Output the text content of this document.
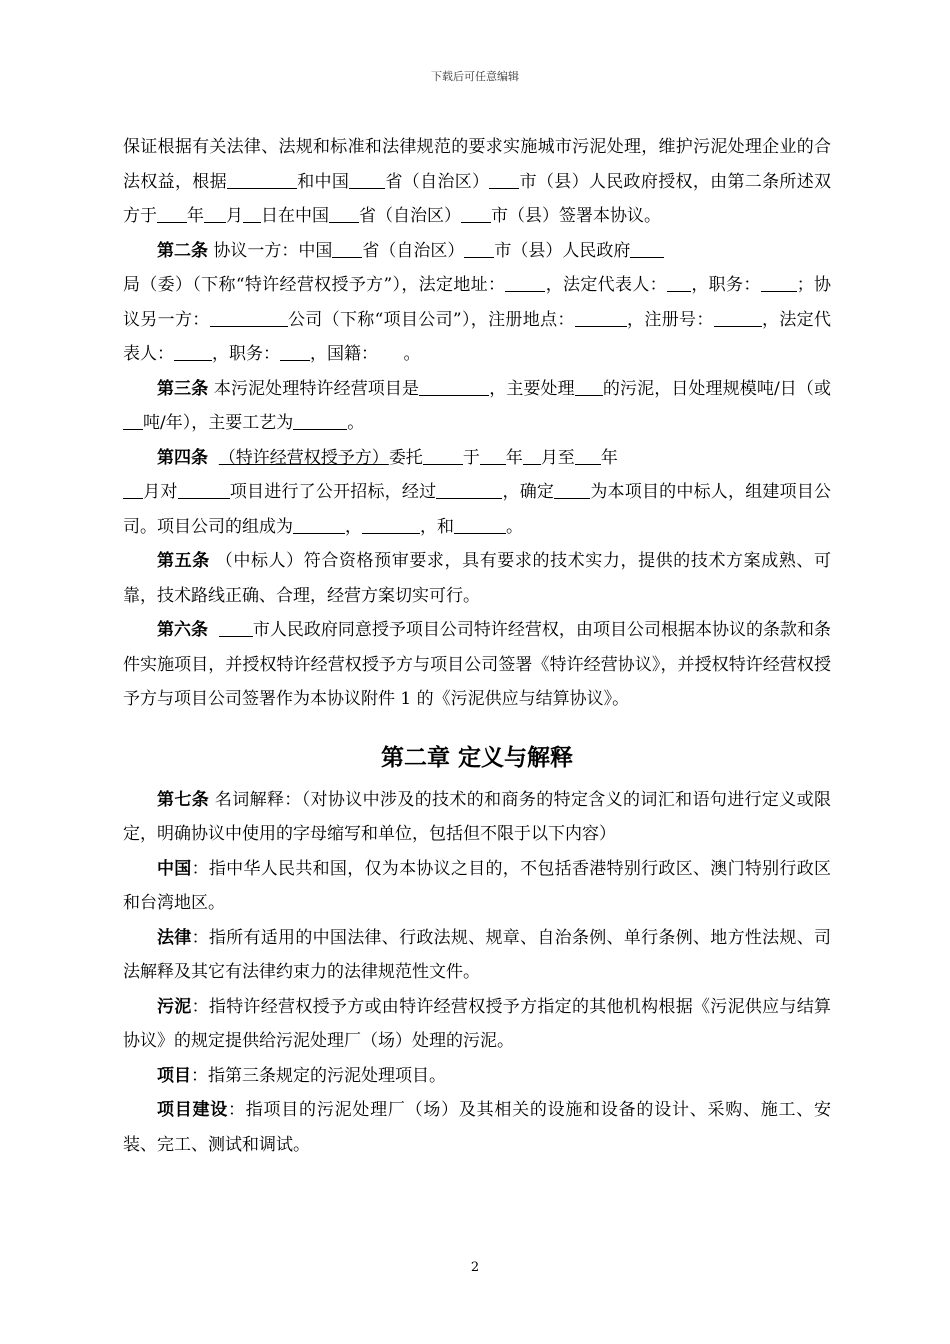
下载后可任意编辑

保证根据有关法律、法规和标准和法律规范的要求实施城市污泥处理，维护污泥处理企业的合法权益，根据	和中国 省（自治区） 市（县）人民政府授权，由第二条所述双方于 年 月 日在中国 省（自治区） 市（县）签署本协议。

第二条 协议一方：中国 省（自治区） 市（县）人民政府
局（委）（下称“特许经营权授予方”），法定地址： ，法定代表人： ，职务： ；协议另一方：	公司（下称“项目公司”），注册地点：	，注册号：	，法定代表人： ，职务： ，国籍：　　。

第三条 本污泥处理特许经营项目是	，主要处理 的污泥，日处理规模吨/日（或吨/年），主要工艺为	。

第四条 （特许经营权授予方）委托 于 年 月至 年
月对	项目进行了公开招标，经过	，确定 为本项目的中标人，组建项目公司。项目公司的组成为	，	，和	。

第五条 （中标人）符合资格预审要求，具有要求的技术实力，提供的技术方案成熟、可靠，技术路线正确、合理，经营方案切实可行。

第六条	市人民政府同意授予项目公司特许经营权，由项目公司根据本协议的条款和条件实施项目，并授权特许经营权授予方与项目公司签署《特许经营协议》，并授权特许经营权授予方与项目公司签署作为本协议附件 1 的《污泥供应与结算协议》。

第二章 定义与解释

第七条 名词解释：（对协议中涉及的技术的和商务的特定含义的词汇和语句进行定义或限定，明确协议中使用的字母缩写和单位，包括但不限于以下内容）

中国：指中华人民共和国，仅为本协议之目的，不包括香港特别行政区、澳门特别行政区和台湾地区。

法律：指所有适用的中国法律、行政法规、规章、自治条例、单行条例、地方性法规、司法解释及其它有法律约束力的法律规范性文件。

污泥：指特许经营权授予方或由特许经营权授予方指定的其他机构根据《污泥供应与结算协议》的规定提供给污泥处理厂（场）处理的污泥。

项目：指第三条规定的污泥处理项目。

项目建设：指项目的污泥处理厂（场）及其相关的设施和设备的设计、采购、施工、安装、完工、测试和调试。

2
